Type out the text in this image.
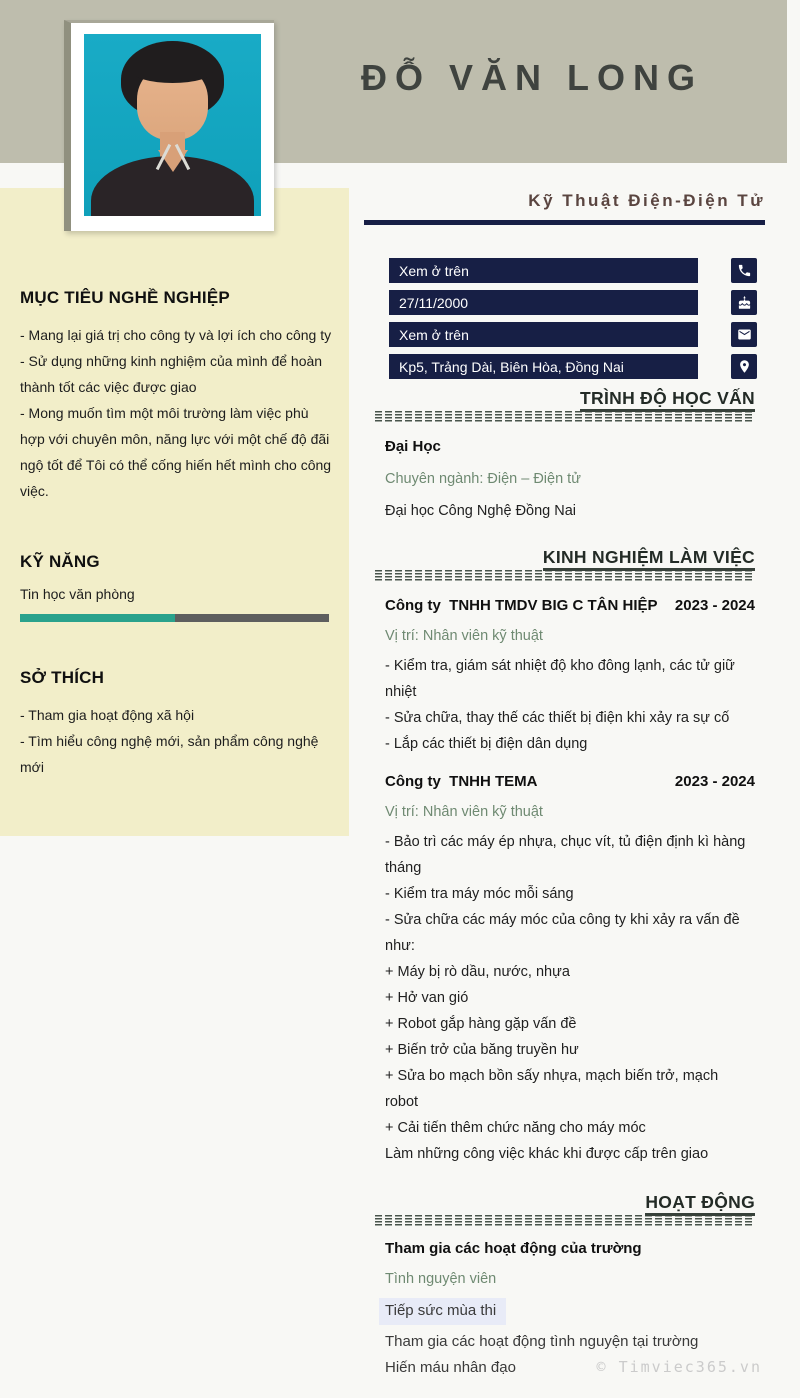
ĐỖ VĂN LONG
MỤC TIÊU NGHỀ NGHIỆP

- Mang lại giá trị cho công ty và lợi ích cho công ty

- Sử dụng những kinh nghiệm của mình để hoàn thành tốt các việc được giao

- Mong muốn tìm một môi trường làm việc phù hợp với chuyên môn, năng lực với một chế độ đãi ngộ tốt để Tôi có thể cống hiến hết mình cho công việc.

KỸ NĂNG
Tin học văn phòng
SỞ THÍCH

- Tham gia hoạt động xã hội

- Tìm hiểu công nghệ mới, sản phẩm công nghệ mới

Kỹ Thuật Điện-Điện Tử
Xem ở trên
27/11/2000
Xem ở trên
Kp5, Trảng Dài, Biên Hòa, Đồng Nai
TRÌNH ĐỘ HỌC VẤN
Đại Học
Chuyên ngành: Điện – Điện tử
Đại học Công Nghệ Đồng Nai
KINH NGHIỆM LÀM VIỆC
Công ty  TNHH TMDV BIG C TÂN HIỆP 2023 - 2024
Vị trí: Nhân viên kỹ thuật
- Kiểm tra, giám sát nhiệt độ kho đông lạnh, các tử giữ nhiệt
- Sửa chữa, thay thế các thiết bị điện khi xảy ra sự cố
- Lắp các thiết bị điện dân dụng
Công ty  TNHH TEMA	2023 - 2024
Vị trí: Nhân viên kỹ thuật
- Bảo trì các máy ép nhựa, chục vít, tủ điện định kì hàng tháng
- Kiểm tra máy móc mỗi sáng
- Sửa chữa các máy móc của công ty khi xảy ra vấn đề như:
+ Máy bị rò dầu, nước, nhựa
+ Hở van gió
+ Robot gắp hàng gặp vấn đề
+ Biến trở của băng truyền hư
+ Sửa bo mạch bồn sấy nhựa, mạch biến trở, mạch robot
+ Cải tiến thêm chức năng cho máy móc
Làm những công việc khác khi được cấp trên giao
HOẠT ĐỘNG
Tham gia các hoạt động của trường
Tình nguyện viên
Tiếp sức mùa thi
Tham gia các hoạt động tình nguyện tại trường
Hiến máu nhân đạo	© Timviec365.vn
